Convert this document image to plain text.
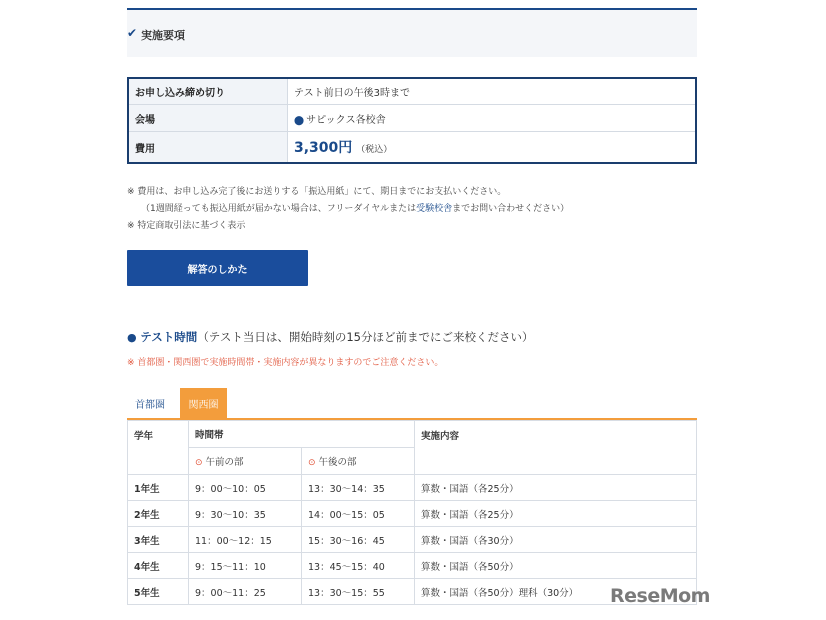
✔ 実施要項
お申し込み締め切り	テスト前日の午後3時まで
会場	⬤ サピックス各校舎
費用	3,300円 （税込）
※ 費用は、お申し込み完了後にお送りする「振込用紙」にて、期日までにお支払いください。
（1週間経っても振込用紙が届かない場合は、フリーダイヤルまたは受験校舎までお問い合わせください）
※ 特定商取引法に基づく表示
解答のしかた
● テスト時間（テスト当日は、開始時刻の15分ほど前までにご来校ください）
※ 首都圏・関西圏で実施時間帯・実施内容が異なりますのでご注意ください。
首都圏	関西圏
学年	時間帯		実施内容
	⊙ 午前の部	⊙ 午後の部	
1年生	9：00〜10：05	13：30〜14：35	算数・国語（各25分）
2年生	9：30〜10：35	14：00〜15：05	算数・国語（各25分）
3年生	11：00〜12：15	15：30〜16：45	算数・国語（各30分）
4年生	9：15〜11：10	13：45〜15：40	算数・国語（各50分）
5年生	9：00〜11：25	13：30〜15：55	算数・国語（各50分）理科（30分） ReseMom
